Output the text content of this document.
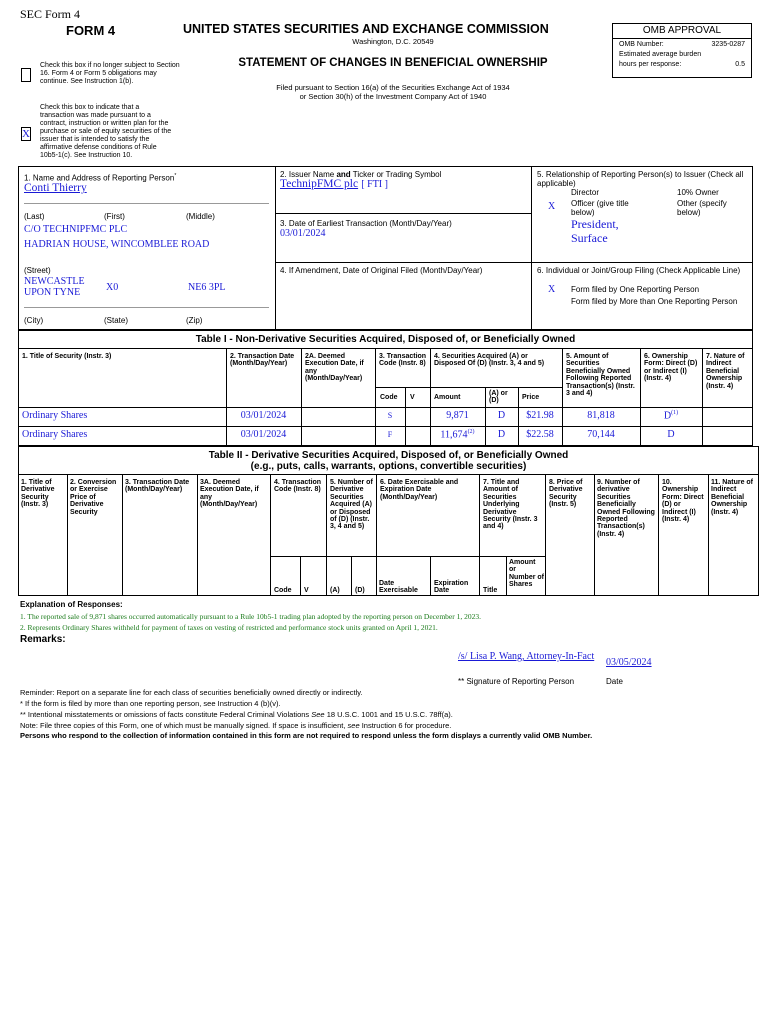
SEC Form 4
FORM 4	UNITED STATES SECURITIES AND EXCHANGE COMMISSION
Washington, D.C. 20549
STATEMENT OF CHANGES IN BENEFICIAL OWNERSHIP
Filed pursuant to Section 16(a) of the Securities Exchange Act of 1934
or Section 30(h) of the Investment Company Act of 1940
OMB APPROVAL
OMB Number:	3235-0287
Estimated average burden
hours per response:	0.5
Check this box if no longer subject to Section 16. Form 4 or Form 5 obligations may continue. See Instruction 1(b).
X
Check this box to indicate that a transaction was made pursuant to a contract, instruction or written plan for the purchase or sale of equity securities of the issuer that is intended to satisfy the affirmative defense conditions of Rule 10b5-1(c). See Instruction 10.
1. Name and Address of Reporting Person*
Conti Thierry
(Last)	(First)	(Middle)
C/O TECHNIPFMC PLC
HADRIAN HOUSE, WINCOMBLEE ROAD
(Street)
NEWCASTLE UPON TYNE	X0	NE6 3PL
(City)	(State)	(Zip)
2. Issuer Name and Ticker or Trading Symbol
TechnipFMC plc [ FTI ]
3. Date of Earliest Transaction (Month/Day/Year)
03/01/2024
4. If Amendment, Date of Original Filed (Month/Day/Year)
5. Relationship of Reporting Person(s) to Issuer (Check all applicable)
Director	10% Owner
X Officer (give title below)
Other (specify below)
President, Surface
6. Individual or Joint/Group Filing (Check Applicable Line)
X Form filed by One Reporting Person
Form filed by More than One Reporting Person
Table I - Non-Derivative Securities Acquired, Disposed of, or Beneficially Owned
1. Title of Security (Instr. 3)	2. Transaction Date (Month/Day/Year)
2A. Deemed Execution Date, if any (Month/Day/Year)
3. Transaction Code (Instr. 8)
4. Securities Acquired (A) or Disposed Of (D) (Instr. 3, 4 and 5)
5. Amount of Securities Beneficially Owned Following Reported Transaction(s) (Instr. 3 and 4)
6. Ownership Form: Direct (D) or Indirect (I) (Instr. 4)
7. Nature of Indirect Beneficial Ownership (Instr. 4)
Code V	Amount
(A) or (D)	Price
Ordinary Shares	03/01/2024	S	9,871	D	$21.98	81,818	$D^{(1)}$
Ordinary Shares	03/01/2024	F	11,674$^{(2)}$	D	$22.58	70,144	D
Table II - Derivative Securities Acquired, Disposed of, or Beneficially Owned
(e.g., puts, calls, warrants, options, convertible securities)
1. Title of Derivative Security (Instr. 3)
2. Conversion or Exercise Price of Derivative Security
3. Transaction Date (Month/Day/Year)
3A. Deemed Execution Date, if any (Month/Day/Year)
4. Transaction Code (Instr. 8)
5. Number of Derivative Securities Acquired (A) or Disposed of (D) (Instr. 3, 4 and 5)
6. Date Exercisable and Expiration Date (Month/Day/Year)
7. Title and Amount of Securities Underlying Derivative Security (Instr. 3 and 4)
8. Price of Derivative Security (Instr. 5)
9. Number of derivative Securities Beneficially Owned Following Reported Transaction(s) (Instr. 4)
10. Ownership Form: Direct (D) or Indirect (I) (Instr. 4)
11. Nature of Indirect Beneficial Ownership (Instr. 4)
Code V	(A) (D)
Date Exercisable
Expiration Date	Title
Amount or Number of Shares
Explanation of Responses:
1. The reported sale of 9,871 shares occurred automatically pursuant to a Rule 10b5-1 trading plan adopted by the reporting person on December 1, 2023.
2. Represents Ordinary Shares withheld for payment of taxes on vesting of restricted and performance stock units granted on April 1, 2021.
Remarks:
/s/ Lisa P. Wang, Attorney-In-Fact
03/05/2024
** Signature of Reporting Person	Date
Reminder: Report on a separate line for each class of securities beneficially owned directly or indirectly.
* If the form is filed by more than one reporting person, see Instruction 4 (b)(v).
** Intentional misstatements or omissions of facts constitute Federal Criminal Violations See 18 U.S.C. 1001 and 15 U.S.C. 78ff(a).
Note: File three copies of this Form, one of which must be manually signed. If space is insufficient, see Instruction 6 for procedure.
Persons who respond to the collection of information contained in this form are not required to respond unless the form displays a currently valid OMB Number.
